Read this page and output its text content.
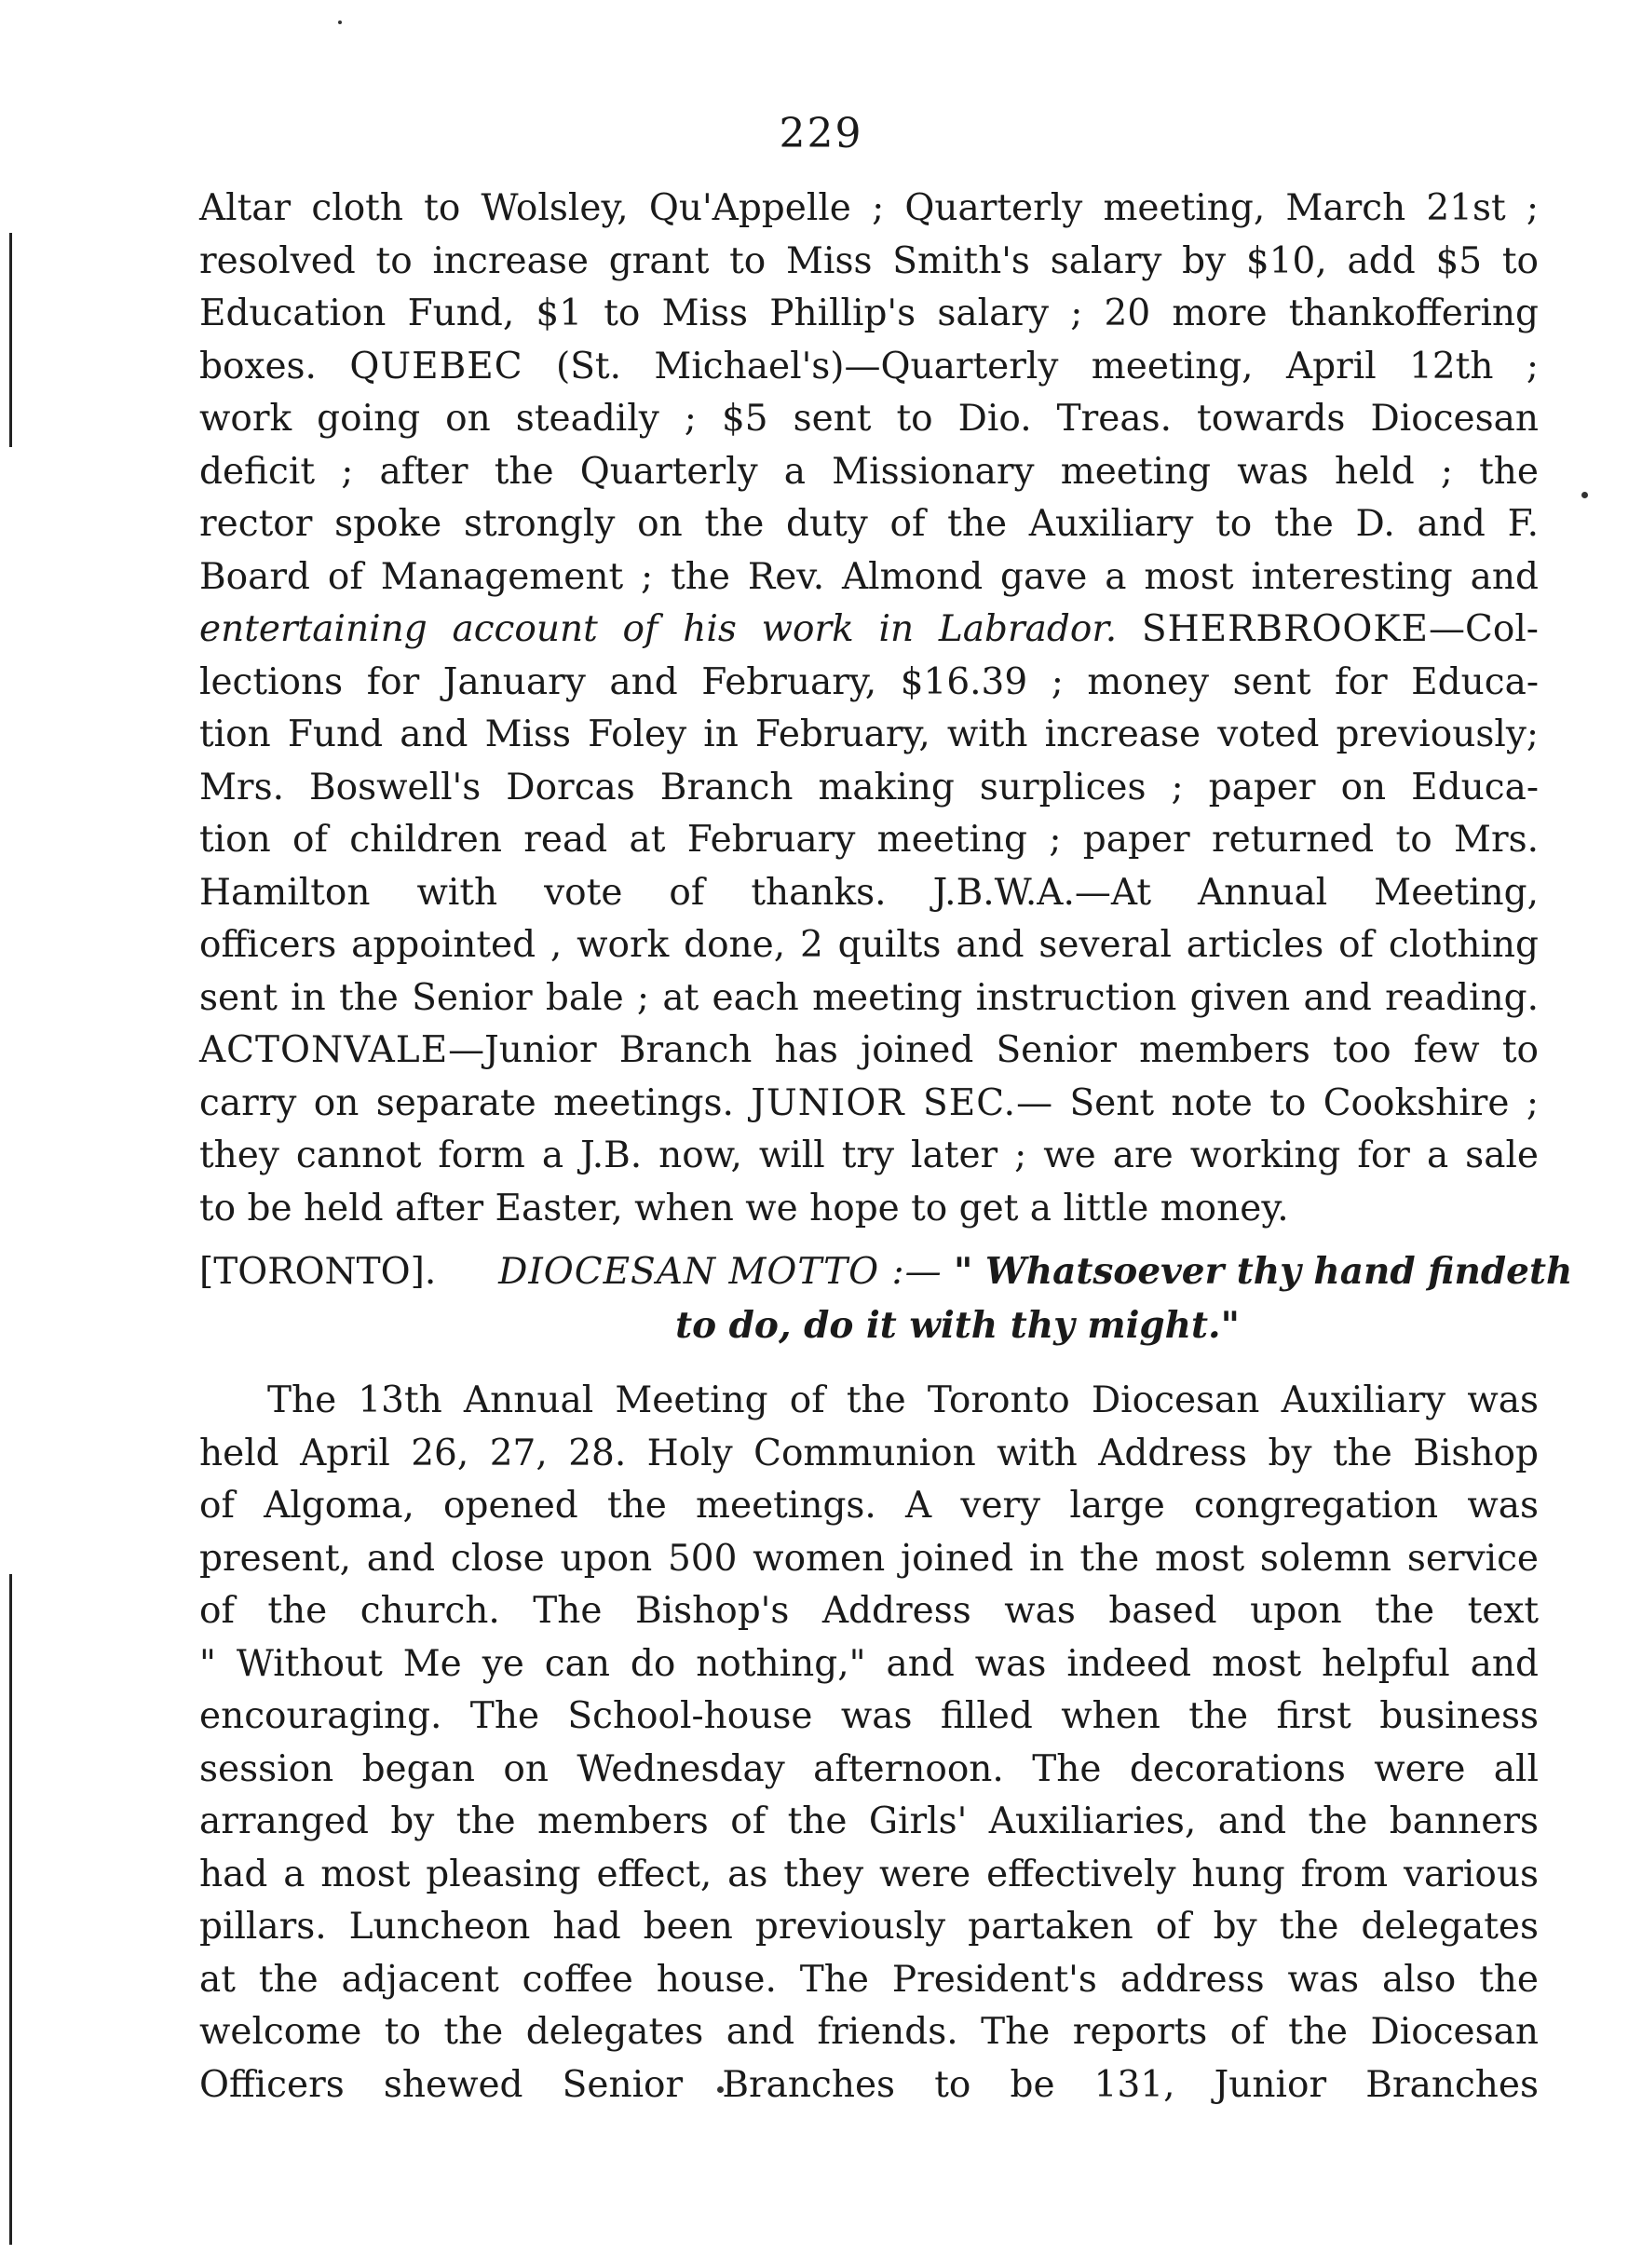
229
Altar cloth to Wolsley, Qu'Appelle ; Quarterly meeting, March 21st ;
resolved to increase grant to Miss Smith's salary by $10, add $5 to
Education Fund, $1 to Miss Phillip's salary ; 20 more thankoffering
boxes. QUEBEC (St. Michael's)—Quarterly meeting, April 12th ;
work going on steadily ; $5 sent to Dio. Treas. towards Diocesan
deficit ; after the Quarterly a Missionary meeting was held ; the
rector spoke strongly on the duty of the Auxiliary to the D. and F.
Board of Management ; the Rev. Almond gave a most interesting and
entertaining account of his work in Labrador. SHERBROOKE—Col-
lections for January and February, $16.39 ; money sent for Educa-
tion Fund and Miss Foley in February, with increase voted previously;
Mrs. Boswell's Dorcas Branch making surplices ; paper on Educa-
tion of children read at February meeting ; paper returned to Mrs.
Hamilton with vote of thanks. J.B.W.A.—At Annual Meeting,
officers appointed , work done, 2 quilts and several articles of clothing
sent in the Senior bale ; at each meeting instruction given and reading.
ACTONVALE—Junior Branch has joined Senior members too few to
carry on separate meetings. JUNIOR SEC.— Sent note to Cookshire ;
they cannot form a J.B. now, will try later ; we are working for a sale
to be held after Easter, when we hope to get a little money.
[TORONTO]. DIOCESAN MOTTO :— " Whatsoever thy hand findeth
to do, do it with thy might."
The 13th Annual Meeting of the Toronto Diocesan Auxiliary was
held April 26, 27, 28. Holy Communion with Address by the Bishop
of Algoma, opened the meetings. A very large congregation was
present, and close upon 500 women joined in the most solemn service
of the church. The Bishop's Address was based upon the text
" Without Me ye can do nothing," and was indeed most helpful and
encouraging. The School-house was filled when the first business
session began on Wednesday afternoon. The decorations were all
arranged by the members of the Girls' Auxiliaries, and the banners
had a most pleasing effect, as they were effectively hung from various
pillars. Luncheon had been previously partaken of by the delegates
at the adjacent coffee house. The President's address was also the
welcome to the delegates and friends. The reports of the Diocesan
Officers shewed Senior Branches to be 131, Junior Branches
